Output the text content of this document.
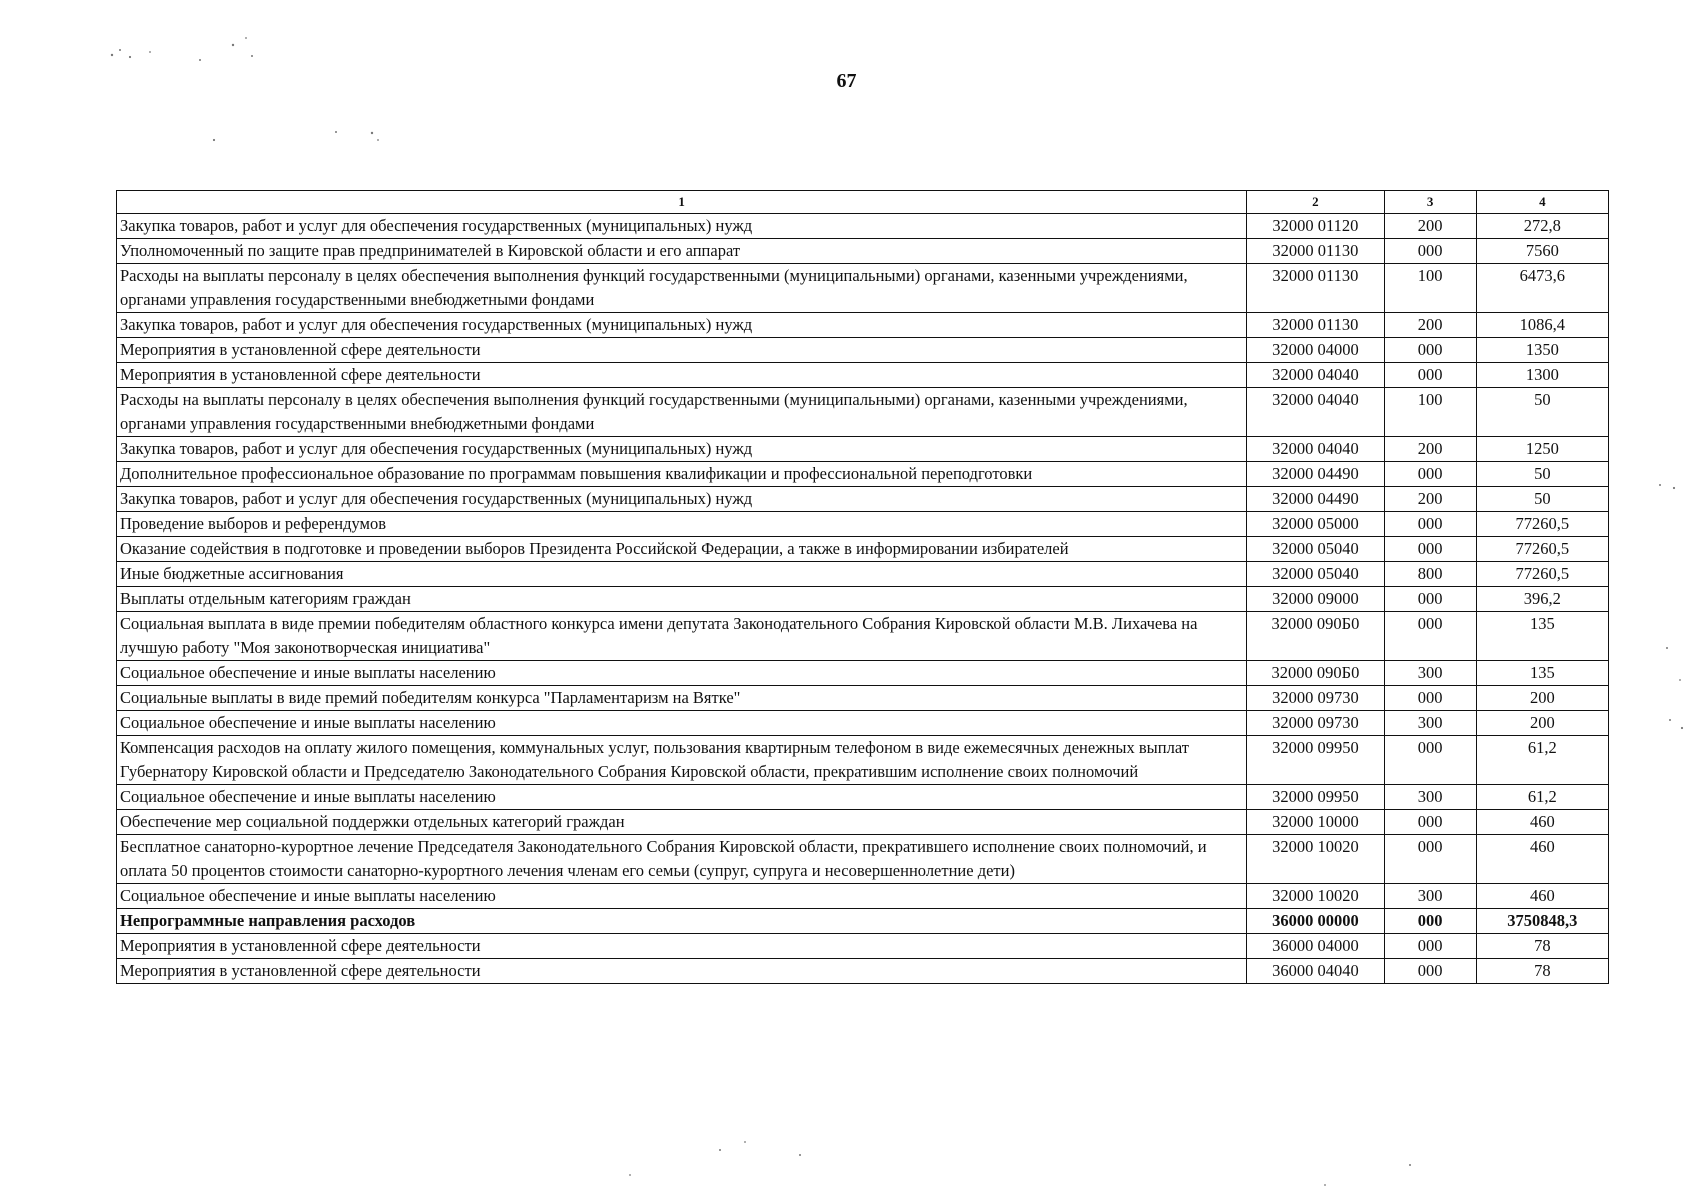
67
1	2	3	4
Закупка товаров, работ и услуг для обеспечения государственных (муниципальных) нужд	32000 01120	200	272,8
Уполномоченный по защите прав предпринимателей в Кировской области и его аппарат	32000 01130	000	7560
Расходы на выплаты персоналу в целях обеспечения выполнения функций государственными (муниципальными) органами, казенными учреждениями, органами управления государственными внебюджетными фондами	32000 01130	100	6473,6
Закупка товаров, работ и услуг для обеспечения государственных (муниципальных) нужд	32000 01130	200	1086,4
Мероприятия в установленной сфере деятельности	32000 04000	000	1350
Мероприятия в установленной сфере деятельности	32000 04040	000	1300
Расходы на выплаты персоналу в целях обеспечения выполнения функций государственными (муниципальными) органами, казенными учреждениями, органами управления государственными внебюджетными фондами	32000 04040	100	50
Закупка товаров, работ и услуг для обеспечения государственных (муниципальных) нужд	32000 04040	200	1250
Дополнительное профессиональное образование по программам повышения квалификации и профессиональной переподготовки	32000 04490	000	50
Закупка товаров, работ и услуг для обеспечения государственных (муниципальных) нужд	32000 04490	200	50
Проведение выборов и референдумов	32000 05000	000	77260,5
Оказание содействия в подготовке и проведении выборов Президента Российской Федерации, а также в информировании избирателей	32000 05040	000	77260,5
Иные бюджетные ассигнования	32000 05040	800	77260,5
Выплаты отдельным категориям граждан	32000 09000	000	396,2
Социальная выплата в виде премии победителям областного конкурса имени депутата Законодательного Собрания Кировской области М.В. Лихачева на лучшую работу "Моя законотворческая инициатива"	32000 090Б0	000	135
Социальное обеспечение и иные выплаты населению	32000 090Б0	300	135
Социальные выплаты в виде премий победителям конкурса "Парламентаризм на Вятке"	32000 09730	000	200
Социальное обеспечение и иные выплаты населению	32000 09730	300	200
Компенсация расходов на оплату жилого помещения, коммунальных услуг, пользования квартирным телефоном в виде ежемесячных денежных выплат Губернатору Кировской области и Председателю Законодательного Собрания Кировской области, прекратившим исполнение своих полномочий	32000 09950	000	61,2
Социальное обеспечение и иные выплаты населению	32000 09950	300	61,2
Обеспечение мер социальной поддержки отдельных категорий граждан	32000 10000	000	460
Бесплатное санаторно-курортное лечение Председателя Законодательного Собрания Кировской области, прекратившего исполнение своих полномочий, и оплата 50 процентов стоимости санаторно-курортного лечения членам его семьи (супруг, супруга и несовершеннолетние дети)	32000 10020	000	460
Социальное обеспечение и иные выплаты населению	32000 10020	300	460
Непрограммные направления расходов	36000 00000	000	3750848,3
Мероприятия в установленной сфере деятельности	36000 04000	000	78
Мероприятия в установленной сфере деятельности	36000 04040	000	78
